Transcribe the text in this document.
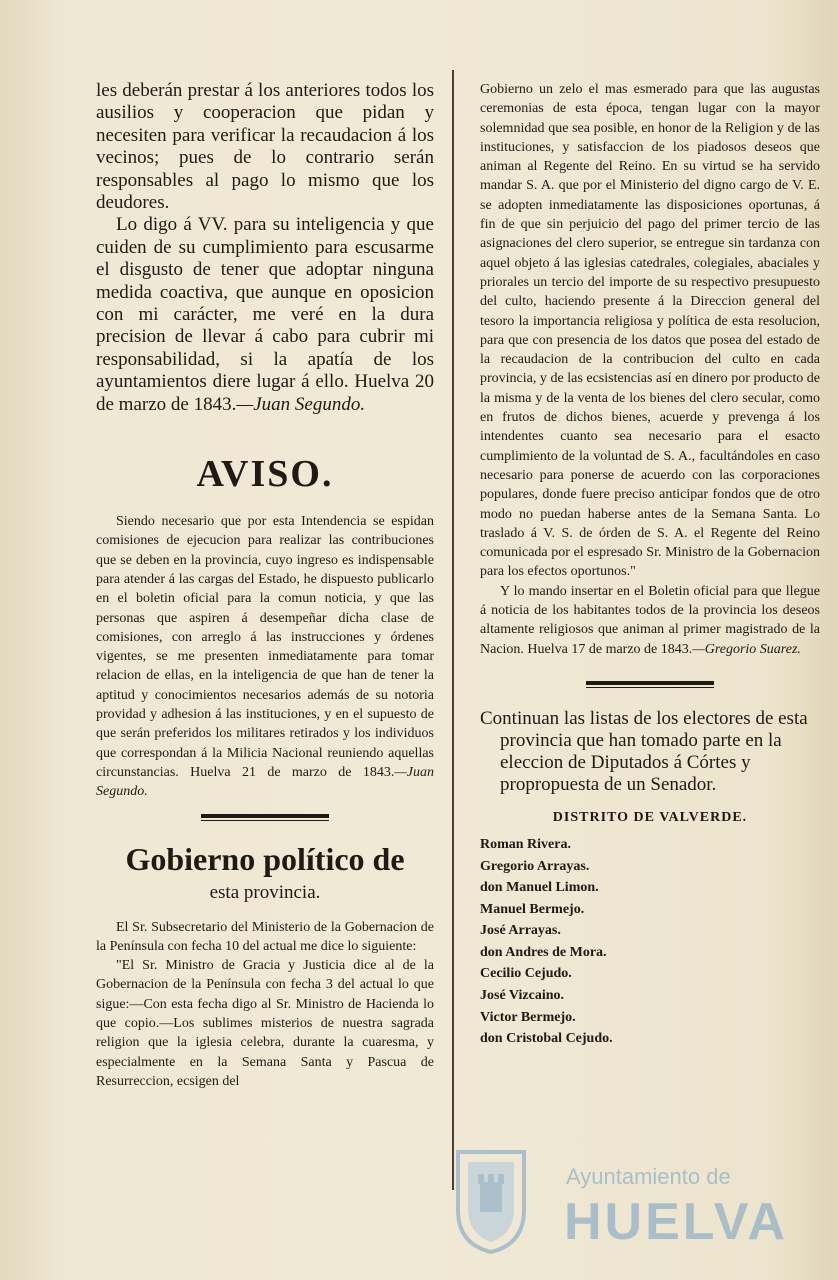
les deberán prestar á los anteriores todos los ausilios y cooperacion que pidan y necesiten para verificar la recaudacion á los vecinos; pues de lo contrario serán responsables al pago lo mismo que los deudores.

Lo digo á VV. para su inteligencia y que cuiden de su cumplimiento para escusarme el disgusto de tener que adoptar ninguna medida coactiva, que aunque en oposicion con mi carácter, me veré en la dura precision de llevar á cabo para cubrir mi responsabilidad, si la apatía de los ayuntamientos diere lugar á ello. Huelva 20 de marzo de 1843.—Juan Segundo.

AVISO.

Siendo necesario que por esta Intendencia se espidan comisiones de ejecucion para realizar las contribuciones que se deben en la provincia, cuyo ingreso es indispensable para atender á las cargas del Estado, he dispuesto publicarlo en el boletin oficial para la comun noticia, y que las personas que aspiren á desempeñar dicha clase de comisiones, con arreglo á las instrucciones y órdenes vigentes, se me presenten inmediatamente para tomar relacion de ellas, en la inteligencia de que han de tener la aptitud y conocimientos necesarios además de su notoria providad y adhesion á las instituciones, y en el supuesto de que serán preferidos los militares retirados y los individuos que correspondan á la Milicia Nacional reuniendo aquellas circunstancias. Huelva 21 de marzo de 1843.—Juan Segundo.

Gobierno político de
esta provincia.

El Sr. Subsecretario del Ministerio de la Gobernacion de la Península con fecha 10 del actual me dice lo siguiente:

"El Sr. Ministro de Gracia y Justicia dice al de la Gobernacion de la Península con fecha 3 del actual lo que sigue:—Con esta fecha digo al Sr. Ministro de Hacienda lo que copio.—Los sublimes misterios de nuestra sagrada religion que la iglesia celebra, durante la cuaresma, y especialmente en la Semana Santa y Pascua de Resurreccion, ecsigen del

Gobierno un zelo el mas esmerado para que las augustas ceremonias de esta época, tengan lugar con la mayor solemnidad que sea posible, en honor de la Religion y de las instituciones, y satisfaccion de los piadosos deseos que animan al Regente del Reino. En su virtud se ha servido mandar S. A. que por el Ministerio del digno cargo de V. E. se adopten inmediatamente las disposiciones oportunas, á fin de que sin perjuicio del pago del primer tercio de las asignaciones del clero superior, se entregue sin tardanza con aquel objeto á las iglesias catedrales, colegiales, abaciales y priorales un tercio del importe de su respectivo presupuesto del culto, haciendo presente á la Direccion general del tesoro la importancia religiosa y política de esta resolucion, para que con presencia de los datos que posea del estado de la recaudacion de la contribucion del culto en cada provincia, y de las ecsistencias así en dinero por producto de la misma y de la venta de los bienes del clero secular, como en frutos de dichos bienes, acuerde y prevenga á los intendentes cuanto sea necesario para el esacto cumplimiento de la voluntad de S. A., facultándoles en caso necesario para ponerse de acuerdo con las corporaciones populares, donde fuere preciso anticipar fondos que de otro modo no puedan haberse antes de la Semana Santa. Lo traslado á V. S. de órden de S. A. el Regente del Reino comunicada por el espresado Sr. Ministro de la Gobernacion para los efectos oportunos."

Y lo mando insertar en el Boletin oficial para que llegue á noticia de los habitantes todos de la provincia los deseos altamente religiosos que animan al primer magistrado de la Nacion. Huelva 17 de marzo de 1843.—Gregorio Suarez.

Continuan las listas de los electores de esta provincia que han tomado parte en la eleccion de Diputados á Córtes y propropuesta de un Senador.

DISTRITO DE VALVERDE.
Roman Rivera.
Gregorio Arrayas.
don Manuel Limon.
Manuel Bermejo.
José Arrayas.
don Andres de Mora.
Cecilio Cejudo.
José Vizcaino.
Victor Bermejo.
don Cristobal Cejudo.
Ayuntamiento de
HUELVA
